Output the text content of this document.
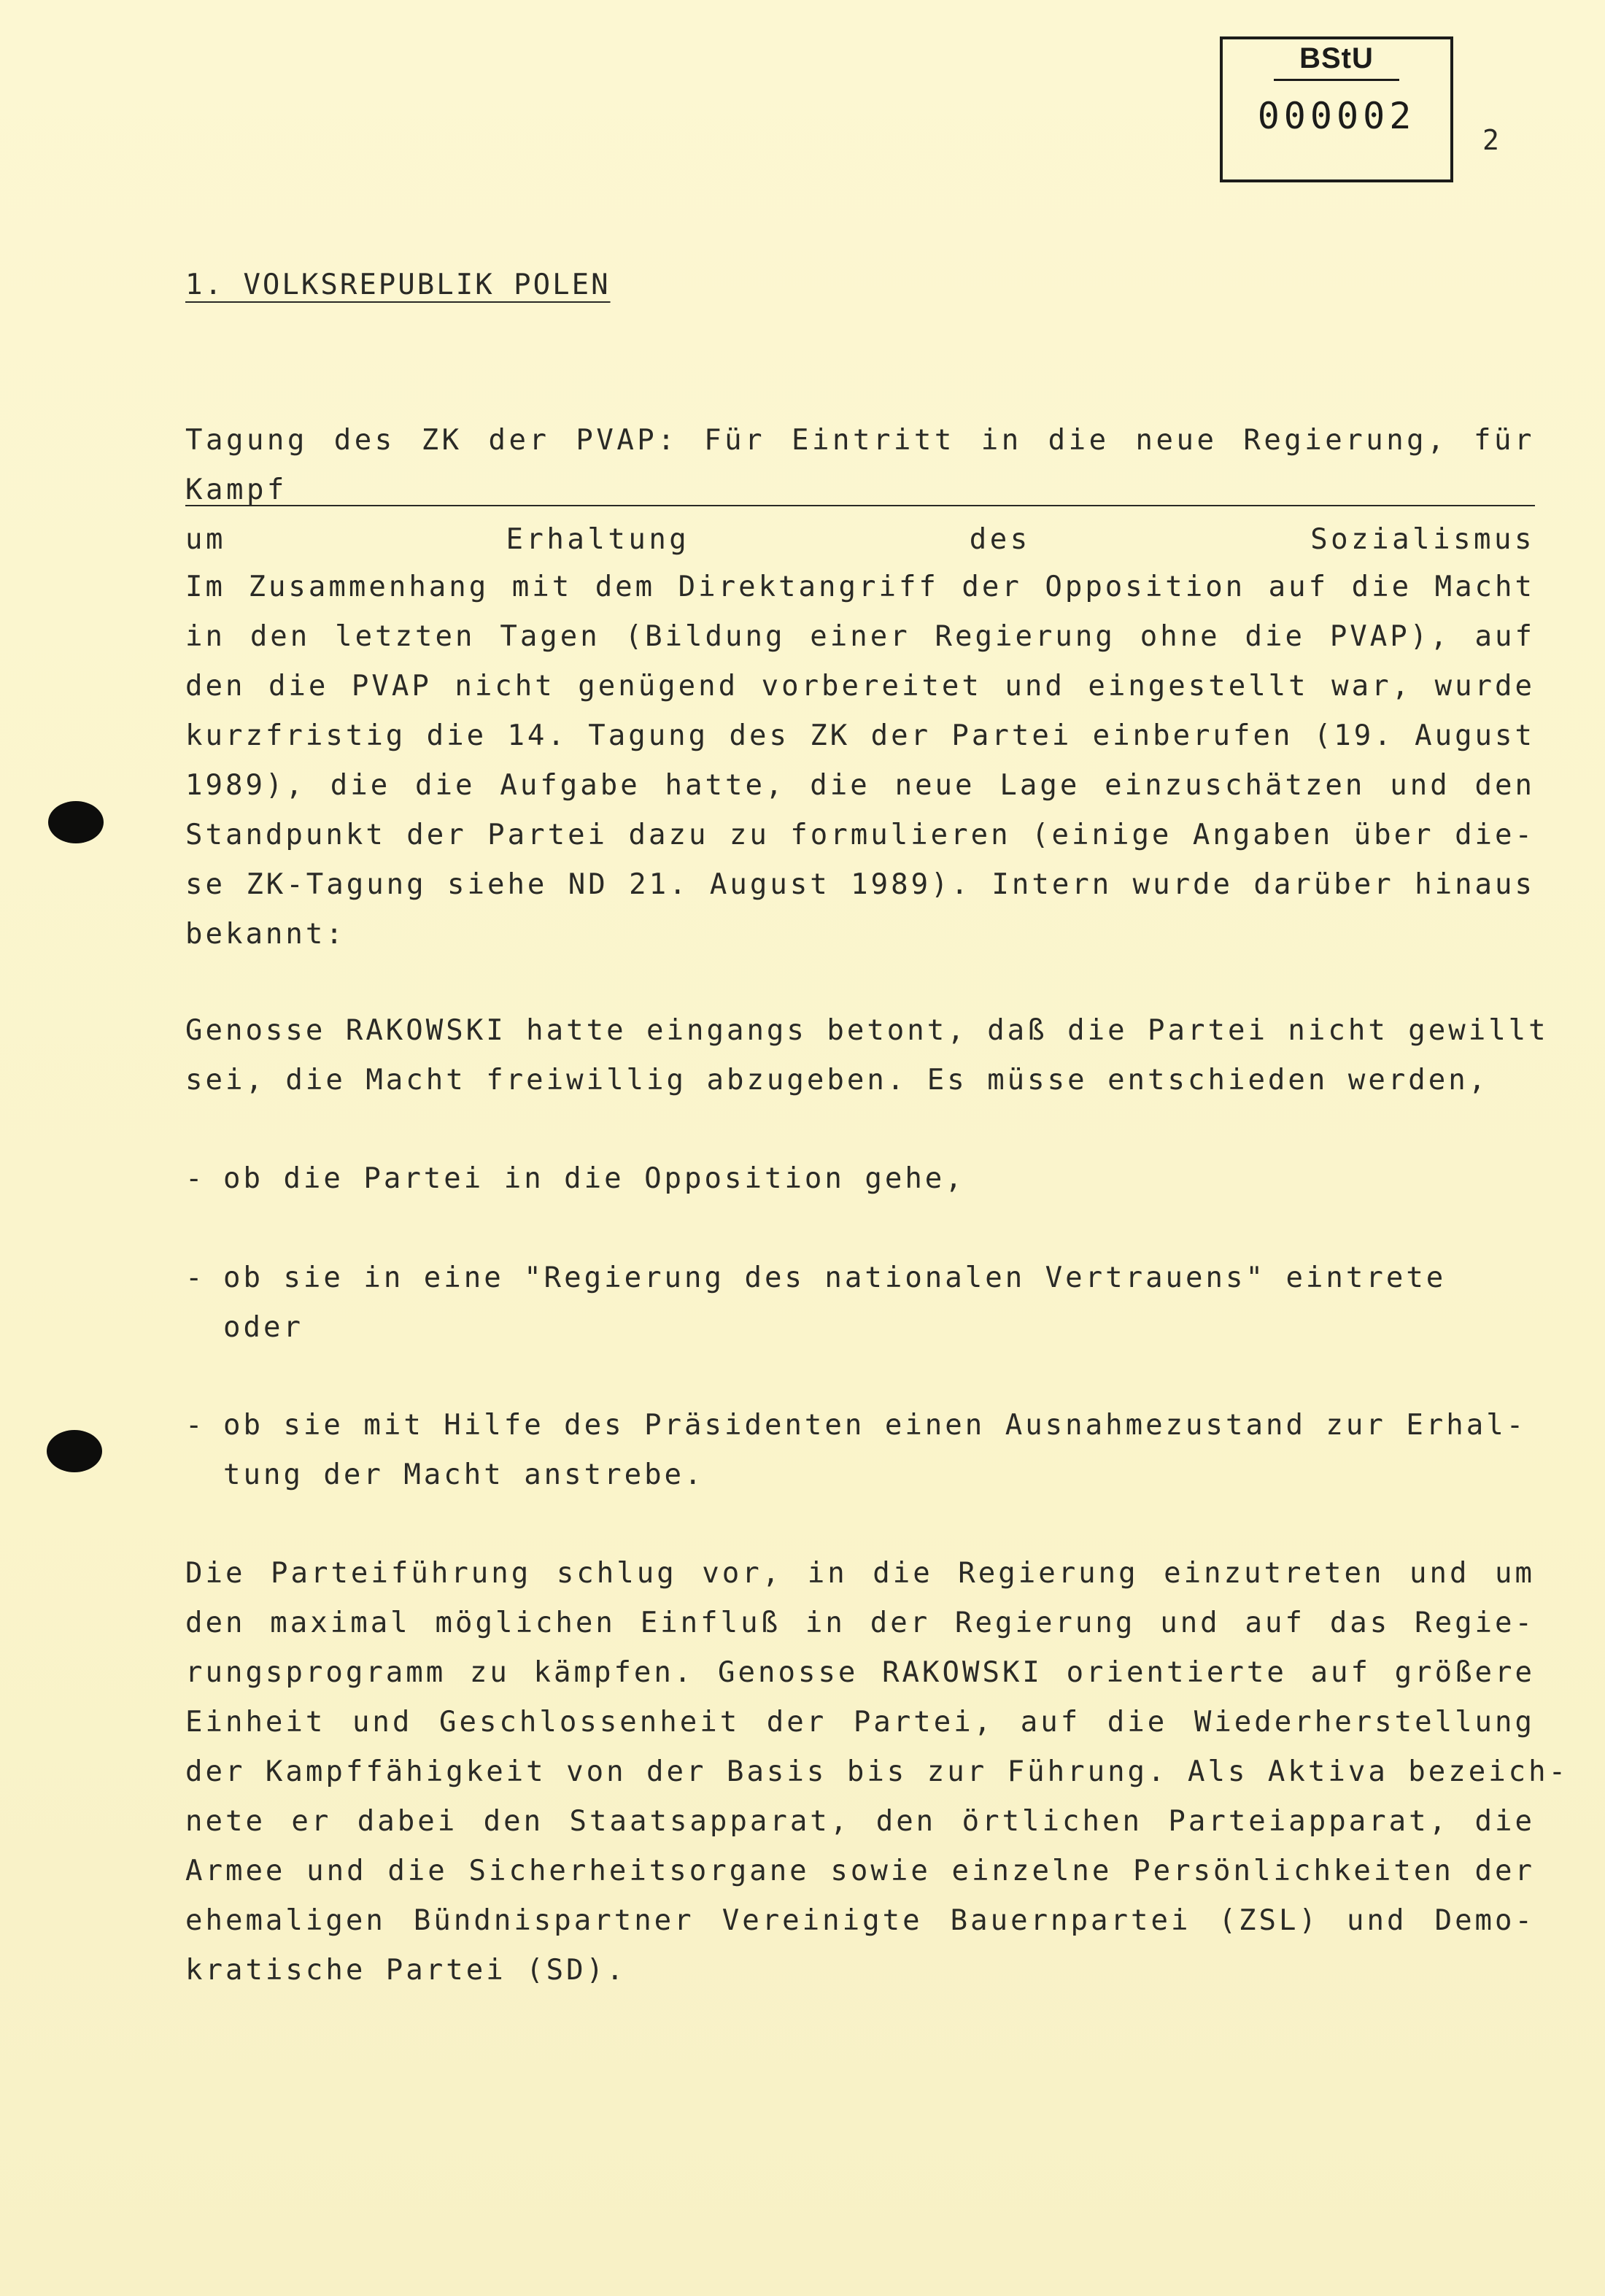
BStU
000002
2
1. VOLKSREPUBLIK POLEN
Tagung des ZK der PVAP: Für Eintritt in die neue Regierung, für Kampf
um Erhaltung des Sozialismus
Im Zusammenhang mit dem Direktangriff der Opposition auf die Macht
in den letzten Tagen (Bildung einer Regierung ohne die PVAP), auf
den die PVAP nicht genügend vorbereitet und eingestellt war, wurde
kurzfristig die 14. Tagung des ZK der Partei einberufen (19. August
1989), die die Aufgabe hatte, die neue Lage einzuschätzen und den
Standpunkt der Partei dazu zu formulieren (einige Angaben über die-
se ZK-Tagung siehe ND 21. August 1989). Intern wurde darüber hinaus
bekannt:
Genosse RAKOWSKI hatte eingangs betont, daß die Partei nicht gewillt
sei, die Macht freiwillig abzugeben. Es müsse entschieden werden,
- ob die Partei in die Opposition gehe,
- ob sie in eine "Regierung des nationalen Vertrauens" eintrete
oder
- ob sie mit Hilfe des Präsidenten einen Ausnahmezustand zur Erhal-
tung der Macht anstrebe.
Die Parteiführung schlug vor, in die Regierung einzutreten und um
den maximal möglichen Einfluß in der Regierung und auf das Regie-
rungsprogramm zu kämpfen. Genosse RAKOWSKI orientierte auf größere
Einheit und Geschlossenheit der Partei, auf die Wiederherstellung
der Kampffähigkeit von der Basis bis zur Führung. Als Aktiva bezeich-
nete er dabei den Staatsapparat, den örtlichen Parteiapparat, die
Armee und die Sicherheitsorgane sowie einzelne Persönlichkeiten der
ehemaligen Bündnispartner Vereinigte Bauernpartei (ZSL) und Demo-
kratische Partei (SD).
